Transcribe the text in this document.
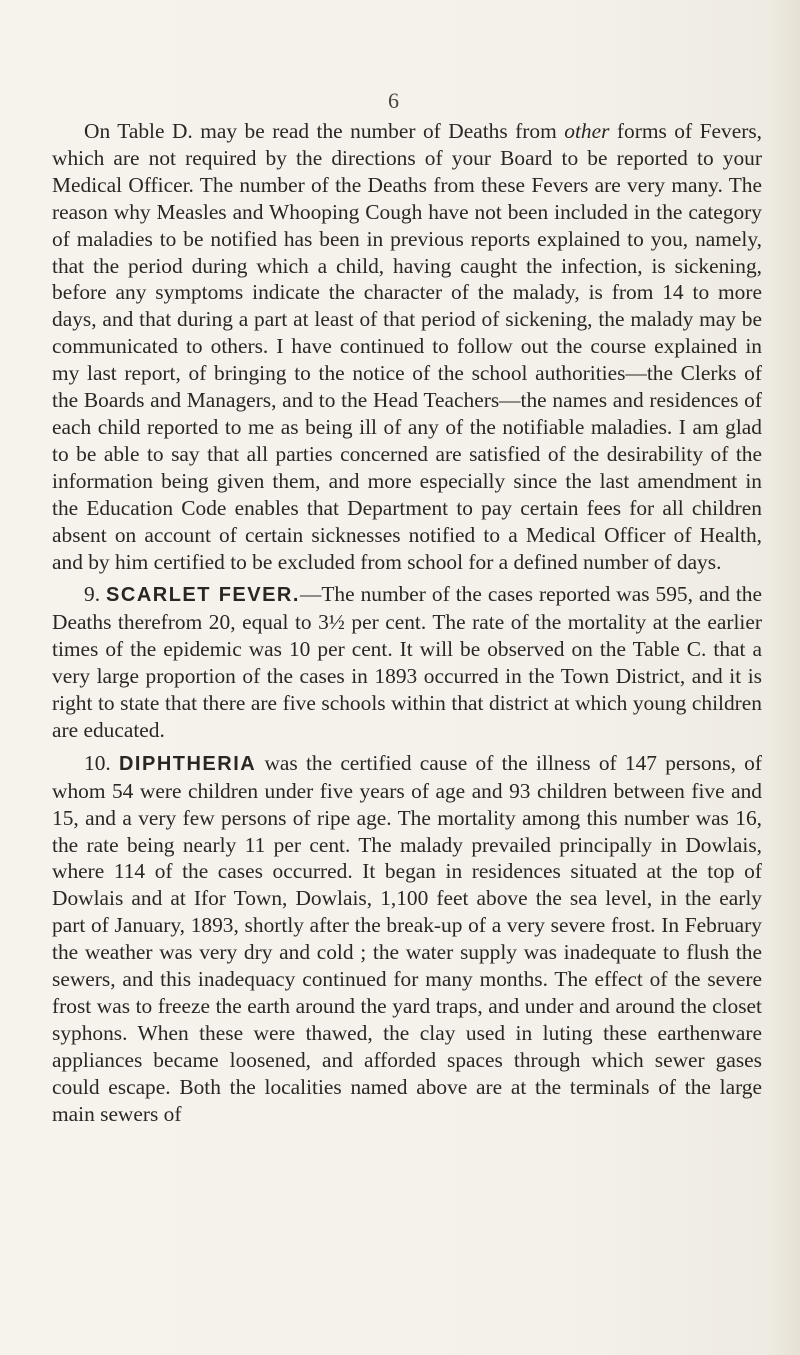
6

On Table D. may be read the number of Deaths from other forms of Fevers, which are not required by the directions of your Board to be reported to your Medical Officer. The number of the Deaths from these Fevers are very many. The reason why Measles and Whooping Cough have not been included in the category of maladies to be notified has been in previous reports explained to you, namely, that the period during which a child, having caught the infection, is sickening, before any symptoms indicate the character of the malady, is from 14 to more days, and that during a part at least of that period of sickening, the malady may be communicated to others. I have continued to follow out the course explained in my last report, of bringing to the notice of the school authorities—the Clerks of the Boards and Managers, and to the Head Teachers—the names and residences of each child reported to me as being ill of any of the notifiable maladies. I am glad to be able to say that all parties concerned are satisfied of the desirability of the information being given them, and more especially since the last amendment in the Education Code enables that Department to pay certain fees for all children absent on account of certain sicknesses notified to a Medical Officer of Health, and by him certified to be excluded from school for a defined number of days.

9. SCARLET FEVER.—The number of the cases reported was 595, and the Deaths therefrom 20, equal to 3½ per cent. The rate of the mortality at the earlier times of the epidemic was 10 per cent. It will be observed on the Table C. that a very large proportion of the cases in 1893 occurred in the Town District, and it is right to state that there are five schools within that district at which young children are educated.

10. DIPHTHERIA was the certified cause of the illness of 147 persons, of whom 54 were children under five years of age and 93 children between five and 15, and a very few persons of ripe age. The mortality among this number was 16, the rate being nearly 11 per cent. The malady prevailed principally in Dowlais, where 114 of the cases occurred. It began in residences situated at the top of Dowlais and at Ifor Town, Dowlais, 1,100 feet above the sea level, in the early part of January, 1893, shortly after the break-up of a very severe frost. In February the weather was very dry and cold ; the water supply was inadequate to flush the sewers, and this inadequacy continued for many months. The effect of the severe frost was to freeze the earth around the yard traps, and under and around the closet syphons. When these were thawed, the clay used in luting these earthenware appliances became loosened, and afforded spaces through which sewer gases could escape. Both the localities named above are at the terminals of the large main sewers of
